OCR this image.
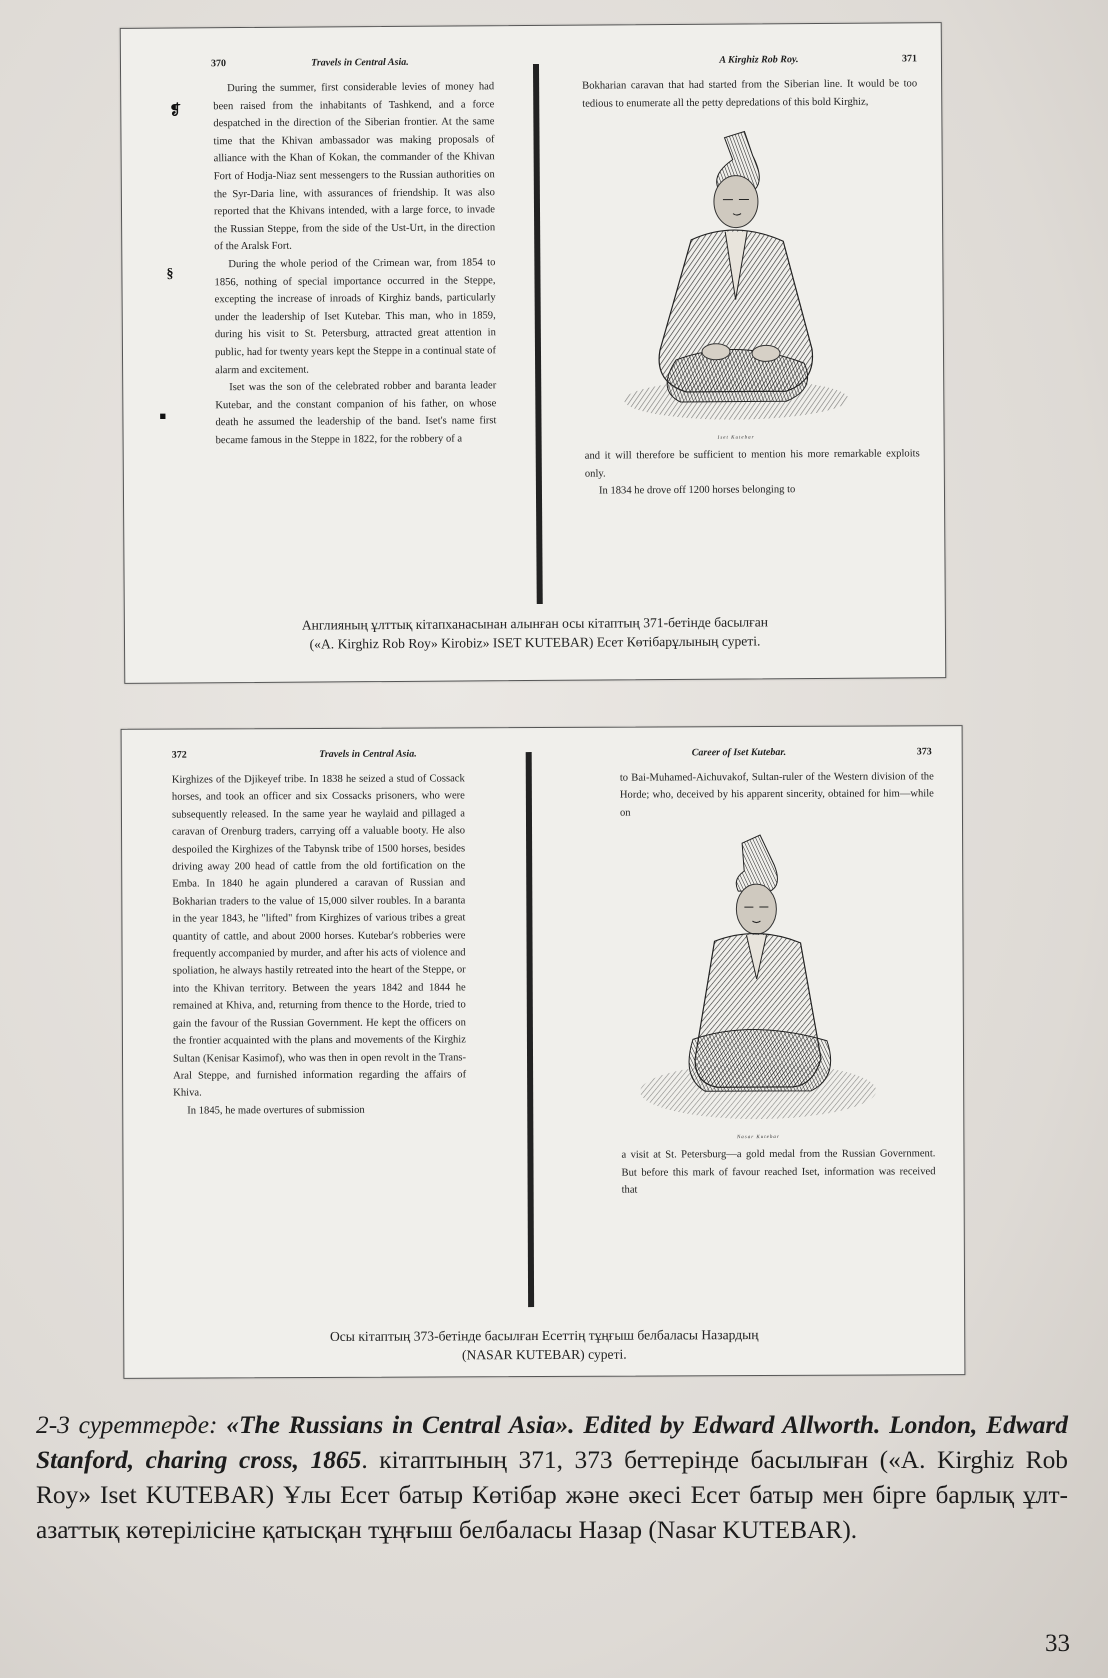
370	Travels in Central Asia.
❡
§
■

During the summer, first considerable levies of money had been raised from the inhabitants of Tashkend, and a force despatched in the direction of the Siberian frontier. At the same time that the Khivan ambassador was making proposals of alliance with the Khan of Kokan, the commander of the Khivan Fort of Hodja-Niaz sent messengers to the Russian authorities on the Syr-Daria line, with assurances of friendship. It was also reported that the Khivans intended, with a large force, to invade the Russian Steppe, from the side of the Ust-Urt, in the direction of the Aralsk Fort.

During the whole period of the Crimean war, from 1854 to 1856, nothing of special importance occurred in the Steppe, excepting the increase of inroads of Kirghiz bands, particularly under the leadership of Iset Kutebar. This man, who in 1859, during his visit to St. Petersburg, attracted great attention in public, had for twenty years kept the Steppe in a continual state of alarm and excitement.

Iset was the son of the celebrated robber and baranta leader Kutebar, and the constant companion of his father, on whose death he assumed the leadership of the band. Iset's name first became famous in the Steppe in 1822, for the robbery of a

A Kirghiz Rob Roy.	371

Bokharian caravan that had started from the Siberian line. It would be too tedious to enumerate all the petty depredations of this bold Kirghiz,

Iset Kutebar

and it will therefore be sufficient to mention his more remarkable exploits only.

In 1834 he drove off 1200 horses belonging to

Англияның ұлттық кітапханасынан алынған осы кітаптың 371-бетінде басылған
(«A. Kirghiz Rob Roy» Kirobiz» ISET KUTEBAR) Есет Көтібарұлының суреті.
372	Travels in Central Asia.

Kirghizes of the Djikeyef tribe. In 1838 he seized a stud of Cossack horses, and took an officer and six Cossacks prisoners, who were subsequently released. In the same year he waylaid and pillaged a caravan of Orenburg traders, carrying off a valuable booty. He also despoiled the Kirghizes of the Tabynsk tribe of 1500 horses, besides driving away 200 head of cattle from the old fortification on the Emba. In 1840 he again plundered a caravan of Russian and Bokharian traders to the value of 15,000 silver roubles. In a baranta in the year 1843, he "lifted" from Kirghizes of various tribes a great quantity of cattle, and about 2000 horses. Kutebar's robberies were frequently accompanied by murder, and after his acts of violence and spoliation, he always hastily retreated into the heart of the Steppe, or into the Khivan territory. Between the years 1842 and 1844 he remained at Khiva, and, returning from thence to the Horde, tried to gain the favour of the Russian Government. He kept the officers on the frontier acquainted with the plans and movements of the Kirghiz Sultan (Kenisar Kasimof), who was then in open revolt in the Trans-Aral Steppe, and furnished information regarding the affairs of Khiva.

In 1845, he made overtures of submission

Career of Iset Kutebar.	373

to Bai-Muhamed-Aichuvakof, Sultan-ruler of the Western division of the Horde; who, deceived by his apparent sincerity, obtained for him—while on

Nasar Kutebar

a visit at St. Petersburg—a gold medal from the Russian Government. But before this mark of favour reached Iset, information was received that

Осы кітаптың 373-бетінде басылған Есеттің тұңғыш белбаласы Назардың
(NASAR KUTEBAR) суреті.
2-3 суреттерде: «The Russians in Central Asia». Edited by Edward Allworth. London, Edward Stanford, charing cross, 1865. кітаптының 371, 373 беттерінде басылыған («A. Kirghiz Rob Roy» Iset KUTEBAR) Ұлы Есет батыр Көтібар және әкесі Есет батыр мен бірге барлық ұлт-азаттық көтерілісіне қатысқан тұңғыш белбаласы Назар (Nasar KUTEBAR).
33
